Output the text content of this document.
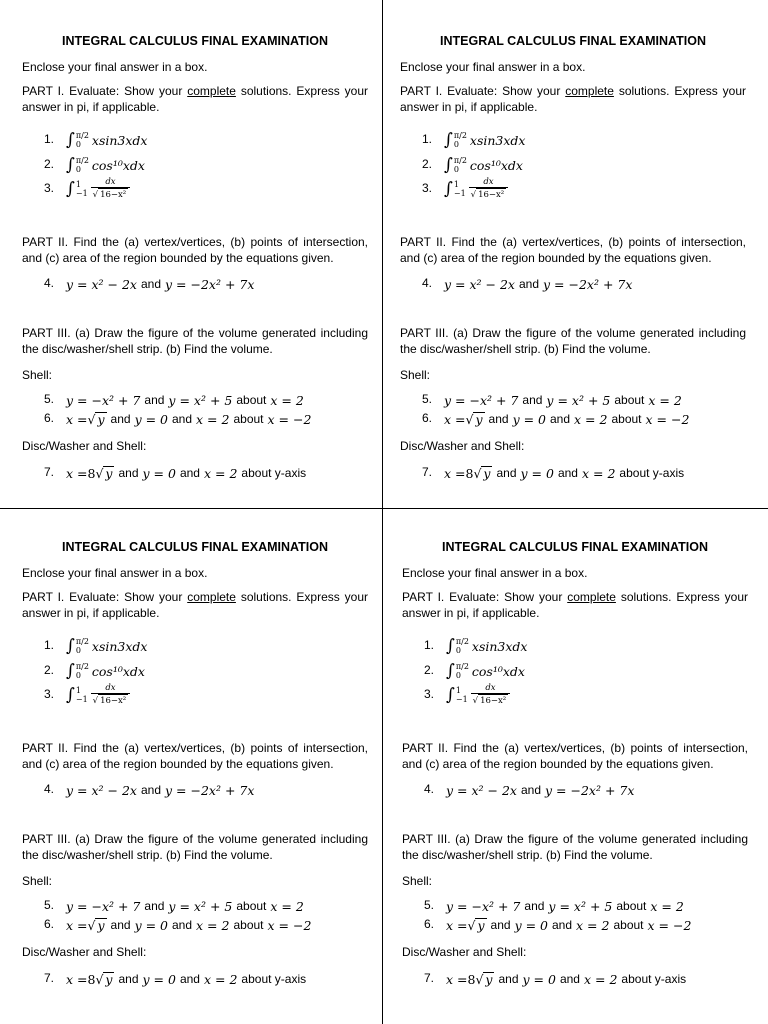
INTEGRAL CALCULUS FINAL EXAMINATION
Enclose your final answer in a box.
PART I. Evaluate: Show your complete solutions. Express your answer in pi, if applicable.
1. ∫ π/2
0 xsin3xdx
2. ∫ π/2
0 cos¹⁰xdx
3. ∫ 1
$-1 \frac{dx}{\text{√ 16−x²}}$
PART II. Find the (a) vertex/vertices, (b) points of intersection, and (c) area of the region bounded by the equations given.
4. y = x² − 2x and y = −2x² + 7x
PART III. (a) Draw the figure of the volume generated including the disc/washer/shell strip. (b) Find the volume.
Shell:
5. y = −x² + 7 and y = x² + 5 about x = 2
6. x = √ y and y = 0 and x = 2 about x = −2
Disc/Washer and Shell:
7. x = 8 √ y and y = 0 and x = 2 about y-axis
INTEGRAL CALCULUS FINAL EXAMINATION
Enclose your final answer in a box.
PART I. Evaluate: Show your complete solutions. Express your answer in pi, if applicable.
1. ∫ π/2
0 xsin3xdx
2. ∫ π/2
0 cos¹⁰xdx
3. ∫ 1
$-1 \frac{dx}{\text{√ 16−x²}}$
PART II. Find the (a) vertex/vertices, (b) points of intersection, and (c) area of the region bounded by the equations given.
4. y = x² − 2x and y = −2x² + 7x
PART III. (a) Draw the figure of the volume generated including the disc/washer/shell strip. (b) Find the volume.
Shell:
5. y = −x² + 7 and y = x² + 5 about x = 2
6. x = √ y and y = 0 and x = 2 about x = −2
Disc/Washer and Shell:
7. x = 8 √ y and y = 0 and x = 2 about y-axis
INTEGRAL CALCULUS FINAL EXAMINATION
Enclose your final answer in a box.
PART I. Evaluate: Show your complete solutions. Express your answer in pi, if applicable.
1. ∫ π/2
0 xsin3xdx
2. ∫ π/2
0 cos¹⁰xdx
3. ∫ 1
$-1 \frac{dx}{\text{√ 16−x²}}$
PART II. Find the (a) vertex/vertices, (b) points of intersection, and (c) area of the region bounded by the equations given.
4. y = x² − 2x and y = −2x² + 7x
PART III. (a) Draw the figure of the volume generated including the disc/washer/shell strip. (b) Find the volume.
Shell:
5. y = −x² + 7 and y = x² + 5 about x = 2
6. x = √ y and y = 0 and x = 2 about x = −2
Disc/Washer and Shell:
7. x = 8 √ y and y = 0 and x = 2 about y-axis
INTEGRAL CALCULUS FINAL EXAMINATION
Enclose your final answer in a box.
PART I. Evaluate: Show your complete solutions. Express your answer in pi, if applicable.
1. ∫ π/2
0 xsin3xdx
2. ∫ π/2
0 cos¹⁰xdx
3. ∫ 1
$-1 \frac{dx}{\text{√ 16−x²}}$
PART II. Find the (a) vertex/vertices, (b) points of intersection, and (c) area of the region bounded by the equations given.
4. y = x² − 2x and y = −2x² + 7x
PART III. (a) Draw the figure of the volume generated including the disc/washer/shell strip. (b) Find the volume.
Shell:
5. y = −x² + 7 and y = x² + 5 about x = 2
6. x = √ y and y = 0 and x = 2 about x = −2
Disc/Washer and Shell:
7. x = 8 √ y and y = 0 and x = 2 about y-axis
